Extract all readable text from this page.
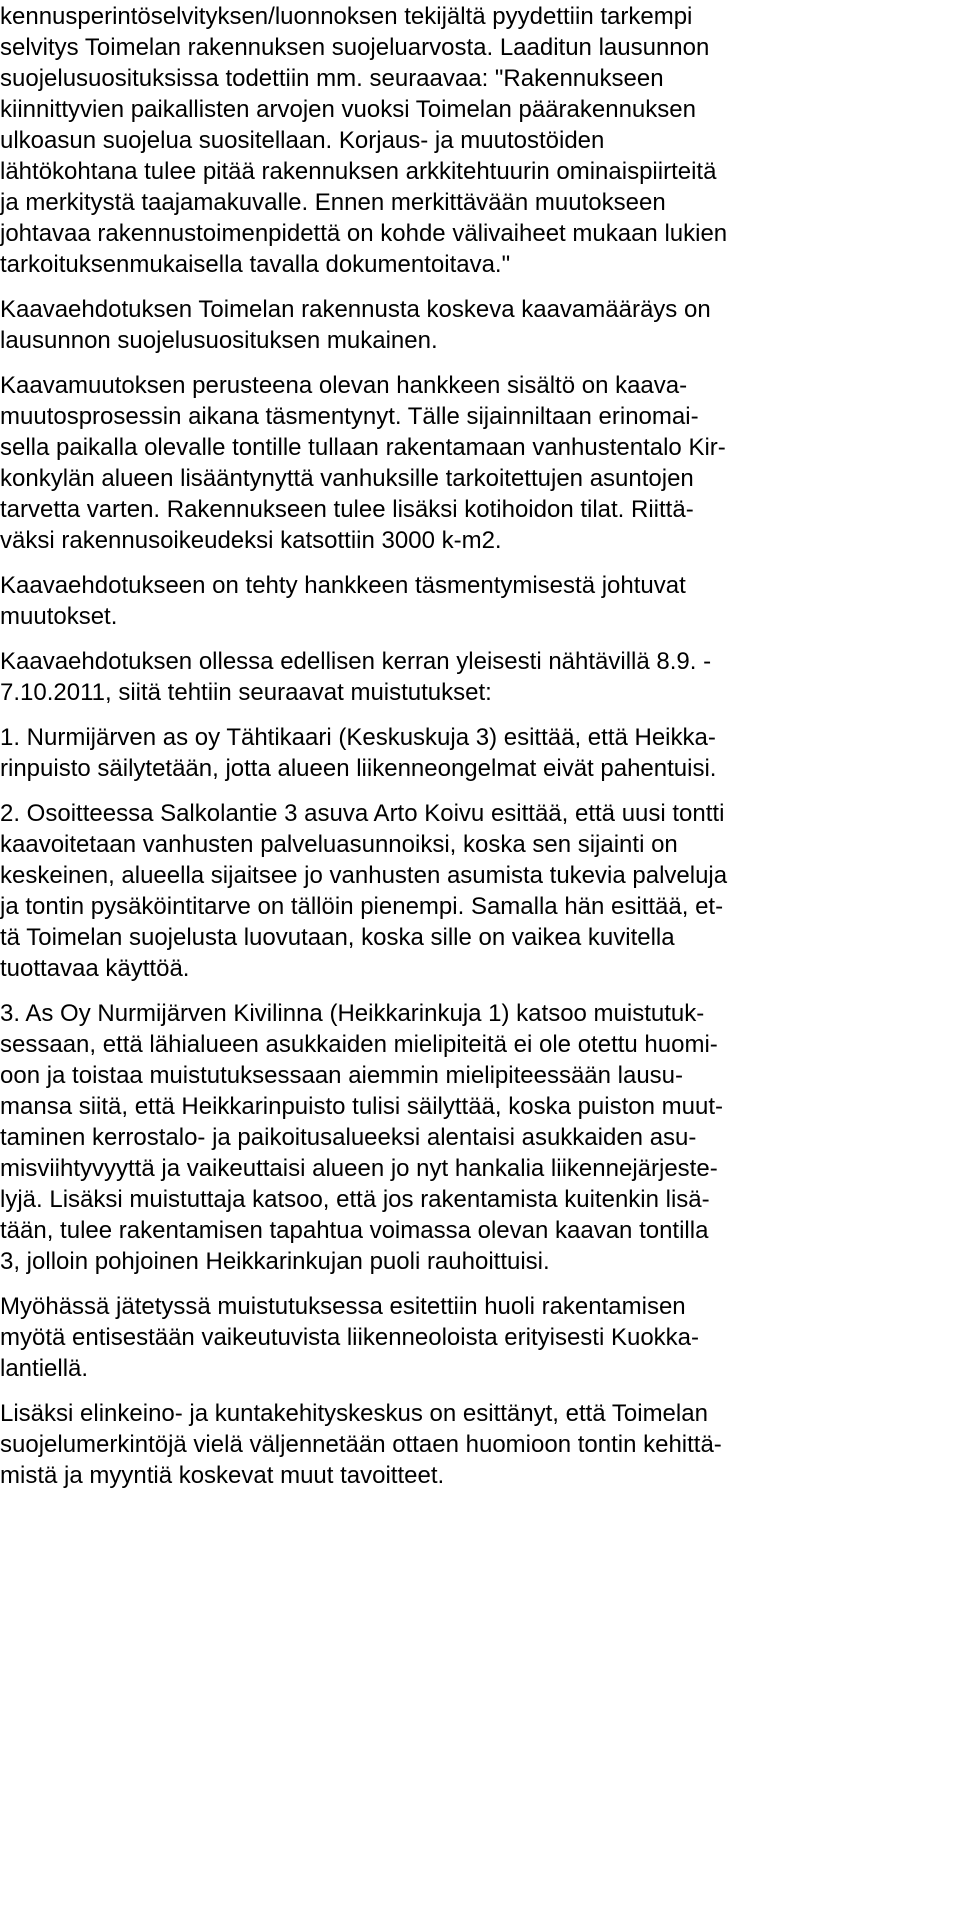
kennusperintöselvityksen/luonnoksen tekijältä pyydettiin tarkempi
selvitys Toimelan rakennuksen suojeluarvosta. Laaditun lausunnon
suojelusuosituksissa todettiin mm. seuraavaa: "Rakennukseen
kiinnittyvien paikallisten arvojen vuoksi Toimelan päärakennuksen
ulkoasun suojelua suositellaan. Korjaus- ja muutostöiden
lähtökohtana tulee pitää rakennuksen arkkitehtuurin ominaispiirteitä
ja merkitystä taajamakuvalle. Ennen merkittävään muutokseen
johtavaa rakennustoimenpidettä on kohde välivaiheet mukaan lukien
tarkoituksenmukaisella tavalla dokumentoitava."
Kaavaehdotuksen Toimelan rakennusta koskeva kaavamääräys on
lausunnon suojelusuosituksen mukainen.
Kaavamuutoksen perusteena olevan hankkeen sisältö on kaava-
muutosprosessin aikana täsmentynyt. Tälle sijainniltaan erinomai-
sella paikalla olevalle tontille tullaan rakentamaan vanhustentalo Kir-
konkylän alueen lisääntynyttä vanhuksille tarkoitettujen asuntojen
tarvetta varten. Rakennukseen tulee lisäksi kotihoidon tilat. Riittä-
väksi rakennusoikeudeksi katsottiin 3000 k-m2.
Kaavaehdotukseen on tehty hankkeen täsmentymisestä johtuvat
muutokset.
Kaavaehdotuksen ollessa edellisen kerran yleisesti nähtävillä 8.9. -
7.10.2011, siitä tehtiin seuraavat muistutukset:
1. Nurmijärven as oy Tähtikaari (Keskuskuja 3) esittää, että Heikka-
rinpuisto säilytetään, jotta alueen liikenneongelmat eivät pahentuisi.
2. Osoitteessa Salkolantie 3 asuva Arto Koivu esittää, että uusi tontti
kaavoitetaan vanhusten palveluasunnoiksi, koska sen sijainti on
keskeinen, alueella sijaitsee jo vanhusten asumista tukevia palveluja
ja tontin pysäköintitarve on tällöin pienempi. Samalla hän esittää, et-
tä Toimelan suojelusta luovutaan, koska sille on vaikea kuvitella
tuottavaa käyttöä.
3. As Oy Nurmijärven Kivilinna (Heikkarinkuja 1) katsoo muistutuk-
sessaan, että lähialueen asukkaiden mielipiteitä ei ole otettu huomi-
oon ja toistaa muistutuksessaan aiemmin mielipiteessään lausu-
mansa siitä, että Heikkarinpuisto tulisi säilyttää, koska puiston muut-
taminen kerrostalo- ja paikoitusalueeksi alentaisi asukkaiden asu-
misviihtyvyyttä ja vaikeuttaisi alueen jo nyt hankalia liikennejärjeste-
lyjä. Lisäksi muistuttaja katsoo, että jos rakentamista kuitenkin lisä-
tään, tulee rakentamisen tapahtua voimassa olevan kaavan tontilla
3, jolloin pohjoinen Heikkarinkujan puoli rauhoittuisi.
Myöhässä jätetyssä muistutuksessa esitettiin huoli rakentamisen
myötä entisestään vaikeutuvista liikenneoloista erityisesti Kuokka-
lantiellä.
Lisäksi elinkeino- ja kuntakehityskeskus on esittänyt, että Toimelan
suojelumerkintöjä vielä väljennetään ottaen huomioon tontin kehittä-
mistä ja myyntiä koskevat muut tavoitteet.
